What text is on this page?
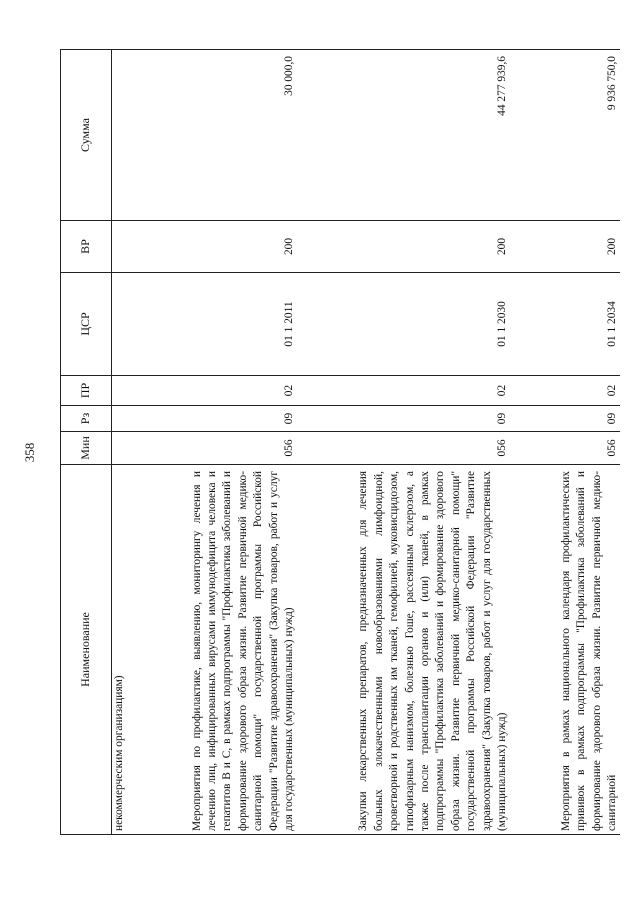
358
Наименование	Мин	Рз	ПР	ЦСР	ВР	Сумма
некоммерческим организациям)						
Мероприятия по профилактике, выявлению, мониторингу лечения и лечению лиц, инфицированных вирусами иммунодефицита человека и гепатитов В и С, в рамках подпрограммы "Профилактика заболеваний и формирование здорового образа жизни. Развитие первичной медико-санитарной помощи" государственной программы Российской Федерации "Развитие здравоохранения" (Закупка товаров, работ и услуг для государственных (муниципальных) нужд)	056	09	02	01 1 2011	200	30 000,0
Закупки лекарственных препаратов, предназначенных для лечения больных злокачественными новообразованиями лимфоидной, кроветворной и родственных им тканей, гемофилией, муковисцидозом, гипофизарным нанизмом, болезнью Гоше, рассеянным склерозом, а также после трансплантации органов и (или) тканей, в рамках подпрограммы "Профилактика заболеваний и формирование здорового образа жизни. Развитие первичной медико-санитарной помощи" государственной программы Российской Федерации "Развитие здравоохранения" (Закупка товаров, работ и услуг для государственных (муниципальных) нужд)	056	09	02	01 1 2030	200	44 277 939,6
Мероприятия в рамках национального календаря профилактических прививок в рамках подпрограммы "Профилактика заболеваний и формирование здорового образа жизни. Развитие первичной медико-санитарной	056	09	02	01 1 2034	200	9 936 750,0
